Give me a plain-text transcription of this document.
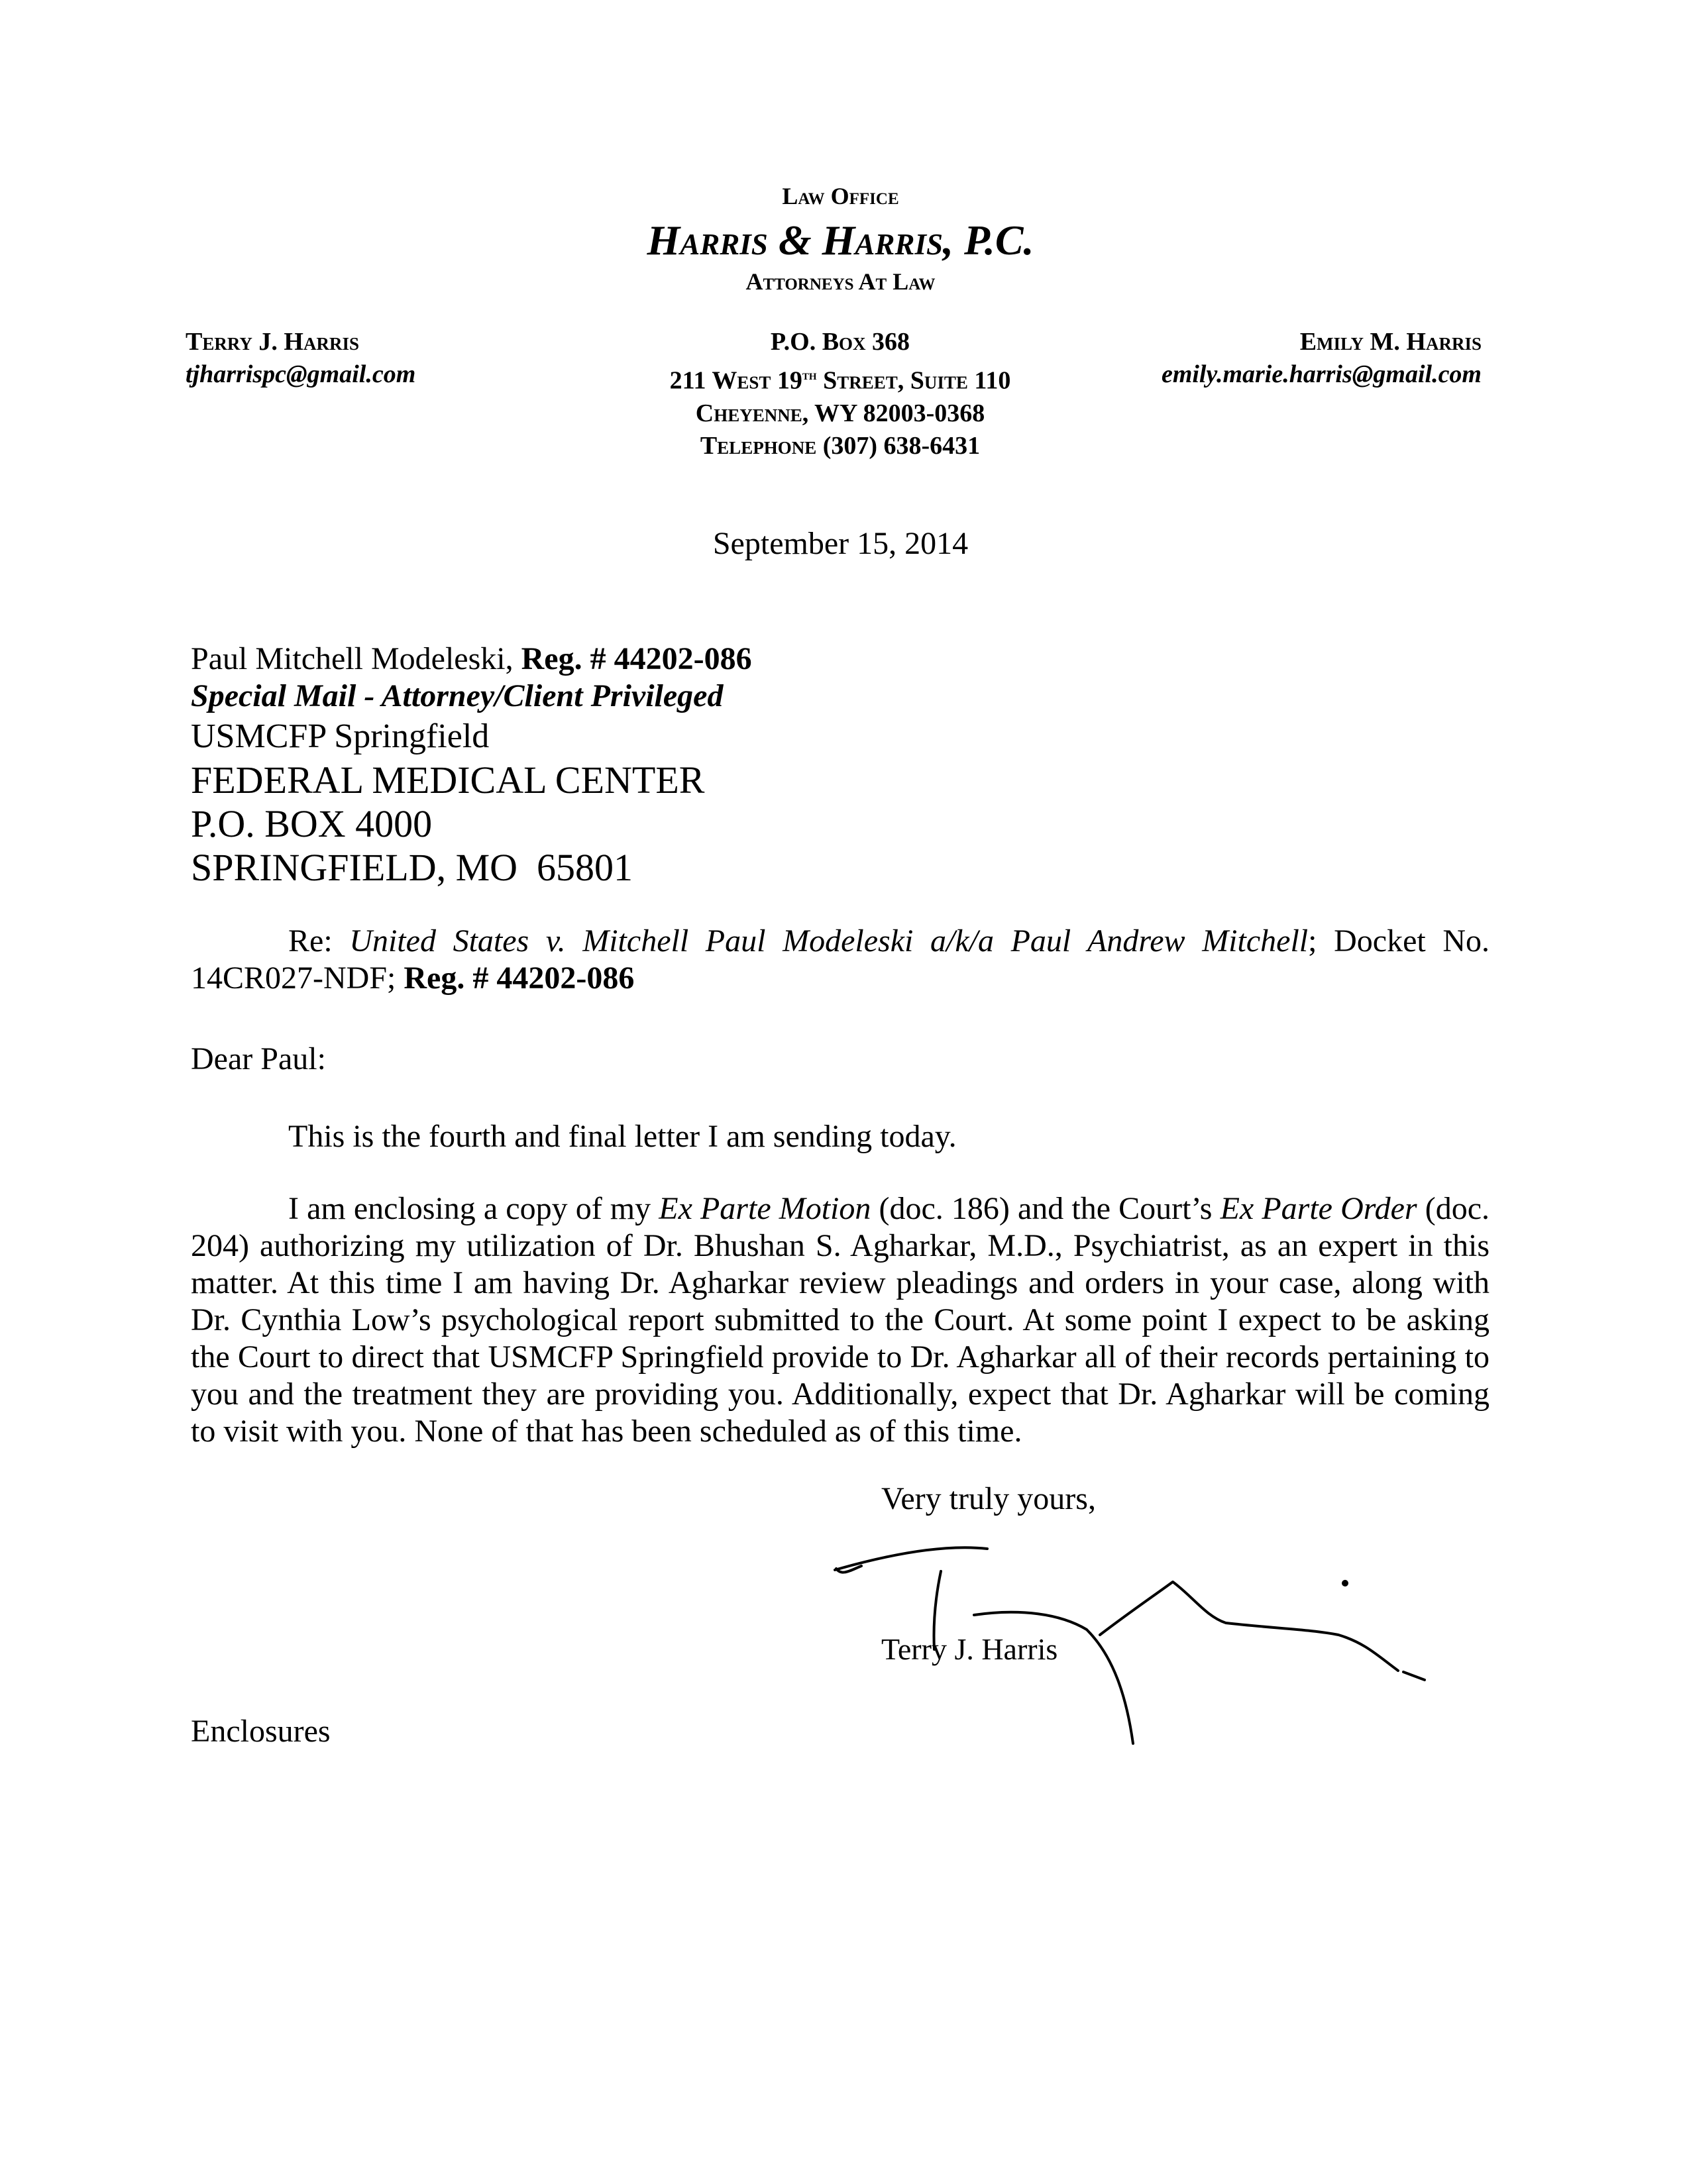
Law Office
Harris & Harris, P.C.
Attorneys At Law
Terry J. Harris
tjharrispc@gmail.com
P.O. Box 368
211 West 19th Street, Suite 110
Cheyenne, WY 82003-0368
Telephone (307) 638-6431
Emily M. Harris
emily.marie.harris@gmail.com
September 15, 2014
Paul Mitchell Modeleski, Reg. # 44202-086
Special Mail - Attorney/Client Privileged
USMCFP Springfield
FEDERAL MEDICAL CENTER
P.O. BOX 4000
SPRINGFIELD, MO  65801
Re: United States v. Mitchell Paul Modeleski a/k/a Paul Andrew Mitchell; Docket No. 14CR027-NDF; Reg. # 44202-086
Dear Paul:
This is the fourth and final letter I am sending today.
I am enclosing a copy of my Ex Parte Motion (doc. 186) and the Court’s Ex Parte Order (doc. 204) authorizing my utilization of Dr. Bhushan S. Agharkar, M.D., Psychiatrist, as an expert in this matter. At this time I am having Dr. Agharkar review pleadings and orders in your case, along with Dr. Cynthia Low’s psychological report submitted to the Court. At some point I expect to be asking the Court to direct that USMCFP Springfield provide to Dr. Agharkar all of their records pertaining to you and the treatment they are providing you. Additionally, expect that Dr. Agharkar will be coming to visit with you. None of that has been scheduled as of this time.
Very truly yours,
Terry J. Harris
Enclosures
